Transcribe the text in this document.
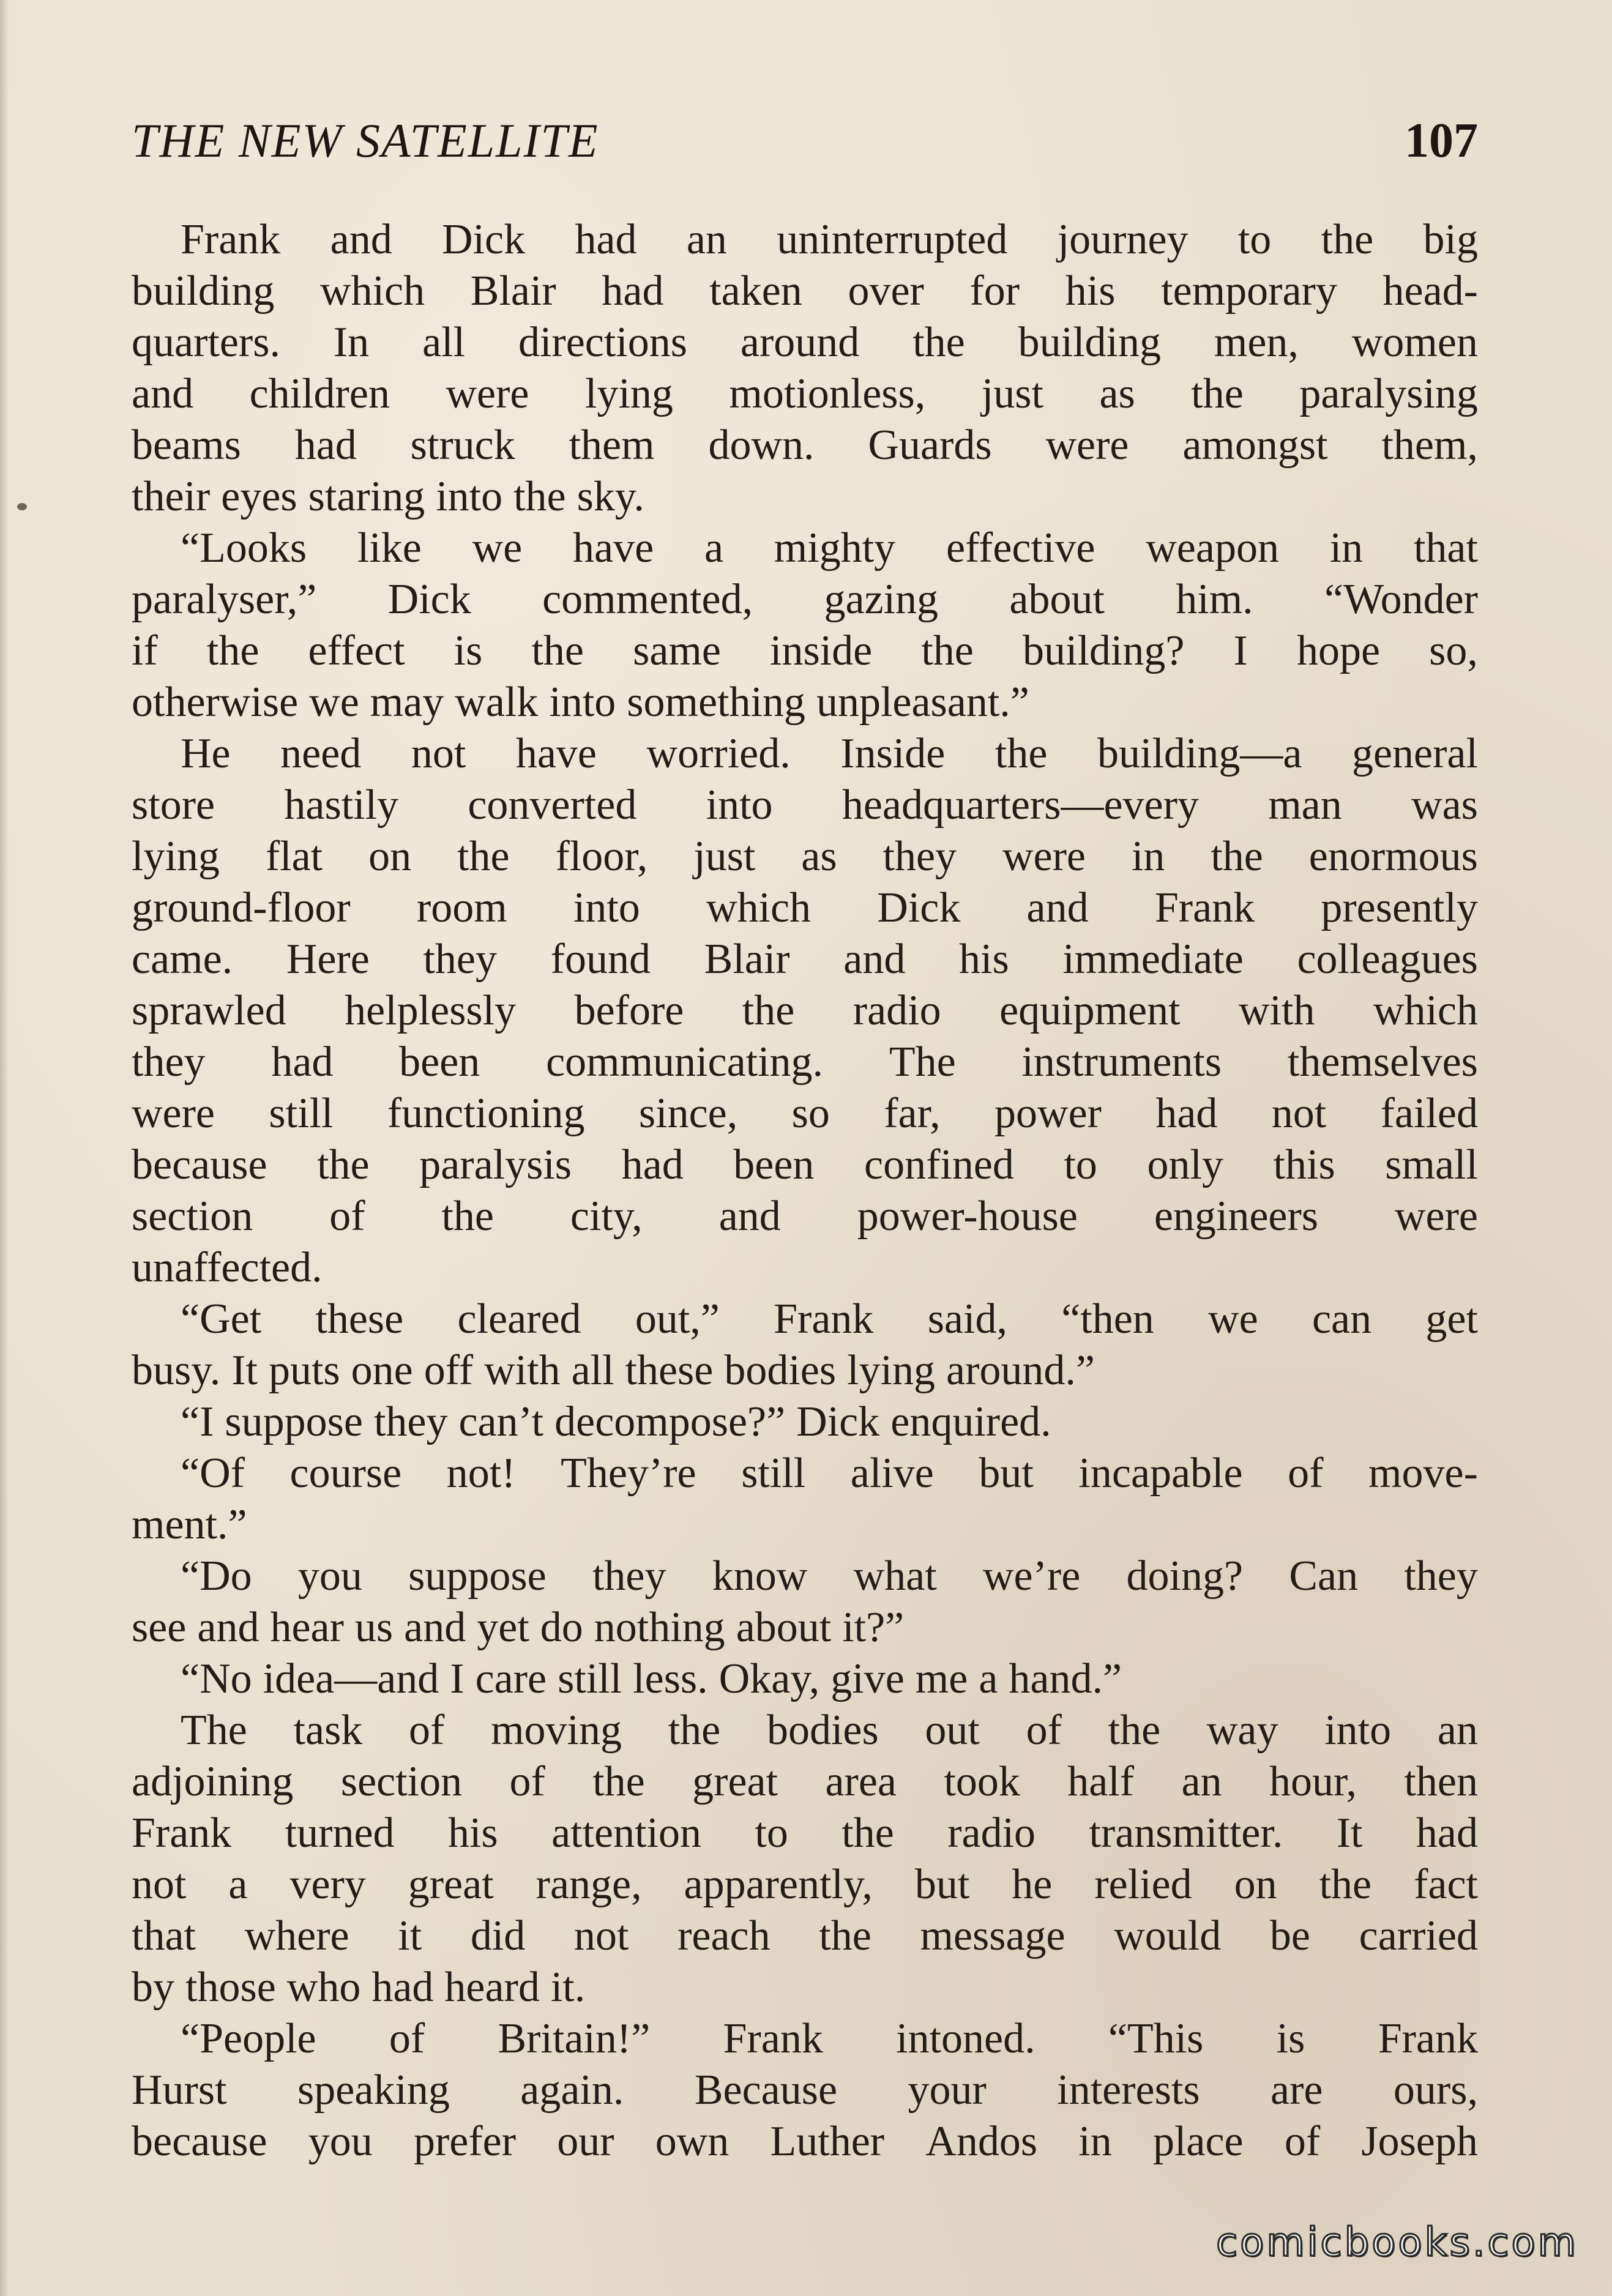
THE NEW SATELLITE	107
Frank and Dick had an uninterrupted journey to the big
building which Blair had taken over for his temporary head-
quarters. In all directions around the building men, women
and children were lying motionless, just as the paralysing
beams had struck them down. Guards were amongst them,
their eyes staring into the sky.
“Looks like we have a mighty effective weapon in that
paralyser,” Dick commented, gazing about him. “Wonder
if the effect is the same inside the building? I hope so,
otherwise we may walk into something unpleasant.”
He need not have worried. Inside the building—a general
store hastily converted into headquarters—every man was
lying flat on the floor, just as they were in the enormous
ground-floor room into which Dick and Frank presently
came. Here they found Blair and his immediate colleagues
sprawled helplessly before the radio equipment with which
they had been communicating. The instruments themselves
were still functioning since, so far, power had not failed
because the paralysis had been confined to only this small
section of the city, and power-house engineers were
unaffected.
“Get these cleared out,” Frank said, “then we can get
busy. It puts one off with all these bodies lying around.”
“I suppose they can’t decompose?” Dick enquired.
“Of course not! They’re still alive but incapable of move-
ment.”
“Do you suppose they know what we’re doing? Can they
see and hear us and yet do nothing about it?”
“No idea—and I care still less. Okay, give me a hand.”
The task of moving the bodies out of the way into an
adjoining section of the great area took half an hour, then
Frank turned his attention to the radio transmitter. It had
not a very great range, apparently, but he relied on the fact
that where it did not reach the message would be carried
by those who had heard it.
“People of Britain!” Frank intoned. “This is Frank
Hurst speaking again. Because your interests are ours,
because you prefer our own Luther Andos in place of Joseph
comicbooks.com
